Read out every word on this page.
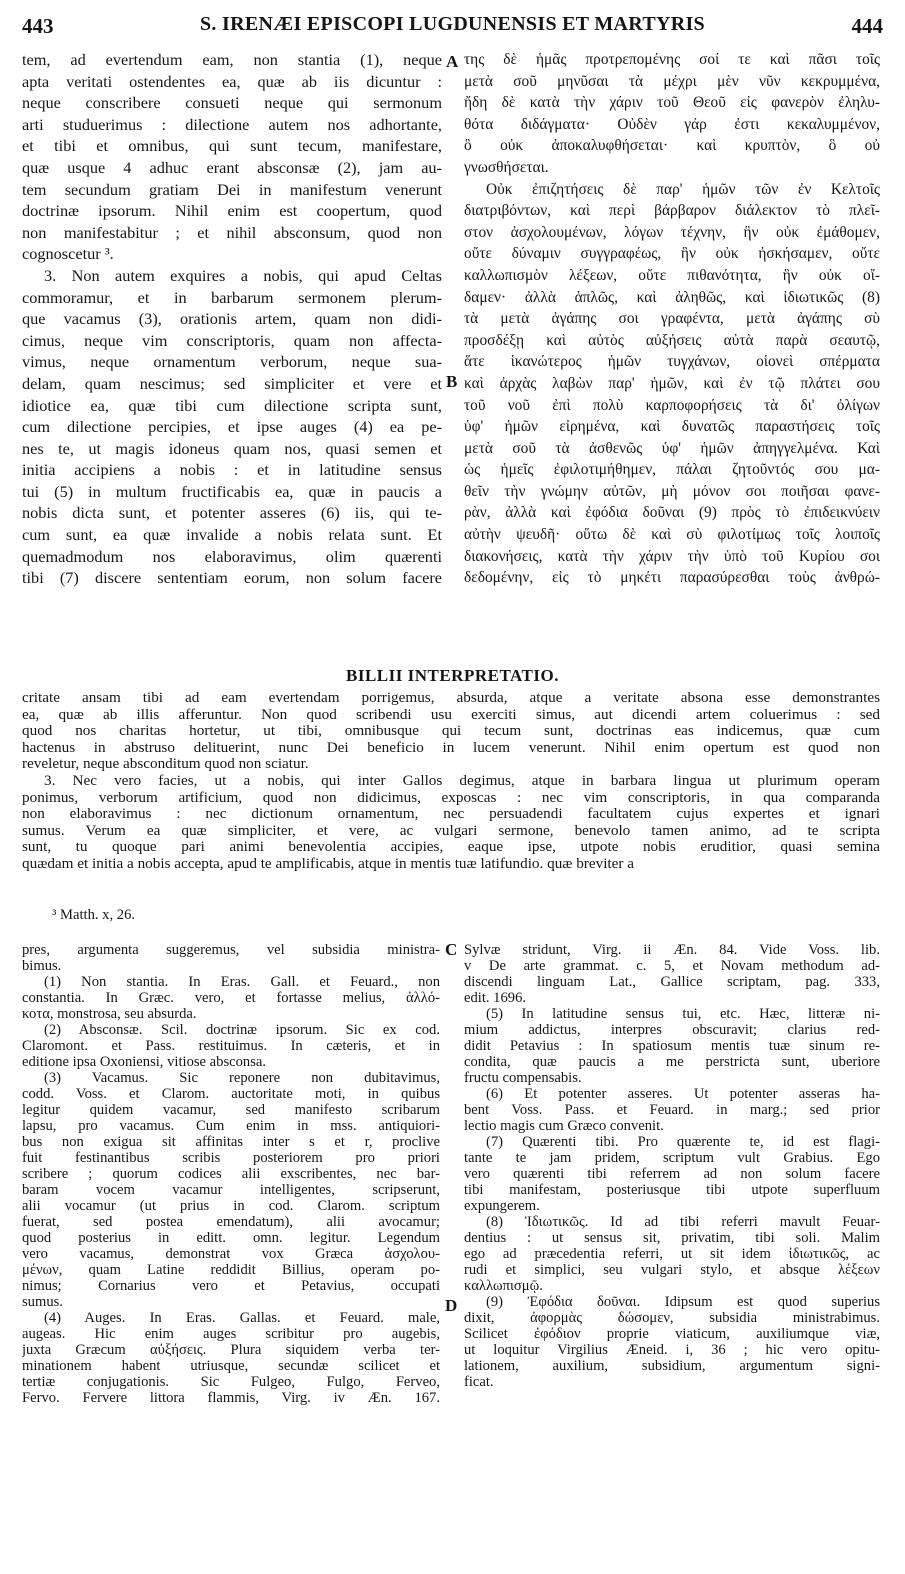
443	S. IRENÆI EPISCOPI LUGDUNENSIS ET MARTYRIS	444
tem, ad evertendum eam, non stantia (1), neque
apta veritati ostendentes ea, quæ ab iis dicuntur :
neque conscribere consueti neque qui sermonum
arti studuerimus : dilectione autem nos adhortante,
et tibi et omnibus, qui sunt tecum, manifestare,
quæ usque 4 adhuc erant absconsæ (2), jam au-
tem secundum gratiam Dei in manifestum venerunt
doctrinæ ipsorum. Nihil enim est coopertum, quod
non manifestabitur ; et nihil absconsum, quod non
cognoscetur ³.
3. Non autem exquires a nobis, qui apud Celtas
commoramur, et in barbarum sermonem plerum-
que vacamus (3), orationis artem, quam non didi-
cimus, neque vim conscriptoris, quam non affecta-
vimus, neque ornamentum verborum, neque sua-
delam, quam nescimus; sed simpliciter et vere et
idiotice ea, quæ tibi cum dilectione scripta sunt,
cum dilectione percipies, et ipse auges (4) ea pe-
nes te, ut magis idoneus quam nos, quasi semen et
initia accipiens a nobis : et in latitudine sensus
tui (5) in multum fructificabis ea, quæ in paucis a
nobis dicta sunt, et potenter asseres (6) iis, qui te-
cum sunt, ea quæ invalide a nobis relata sunt. Et
quemadmodum nos elaboravimus, olim quærenti
tibi (7) discere sententiam eorum, non solum facere
A
B
της δὲ ἡμᾶς προτρεπομένης σοί τε καὶ πᾶσι τοῖς
μετὰ σοῦ μηνῦσαι τὰ μέχρι μὲν νῦν κεκρυμμένα,
ἤδη δὲ κατὰ τὴν χάριν τοῦ Θεοῦ εἰς φανερὸν ἐληλυ-
θότα διδάγματα· Οὐδὲν γάρ ἐστι κεκαλυμμένον,
ὃ οὐκ ἀποκαλυφθήσεται· καὶ κρυπτὸν, ὃ οὐ
γνωσθήσεται.
Οὐκ ἐπιζητήσεις δὲ παρ' ἡμῶν τῶν ἐν Κελτοῖς
διατριβόντων, καὶ περὶ βάρβαρον διάλεκτον τὸ πλεῖ-
στον ἀσχολουμένων, λόγων τέχνην, ἣν οὐκ ἐμάθομεν,
οὔτε δύναμιν συγγραφέως, ἣν οὐκ ἠσκήσαμεν, οὔτε
καλλωπισμὸν λέξεων, οὔτε πιθανότητα, ἣν οὐκ οἴ-
δαμεν· ἀλλὰ ἁπλῶς, καὶ ἀληθῶς, καὶ ἰδιωτικῶς (8)
τὰ μετὰ ἀγάπης σοι γραφέντα, μετὰ ἀγάπης σὺ
προσδέξῃ καὶ αὐτὸς αὐξήσεις αὐτὰ παρὰ σεαυτῷ,
ἅτε ἱκανώτερος ἡμῶν τυγχάνων, οἱονεὶ σπέρματα
καὶ ἀρχὰς λαβὼν παρ' ἡμῶν, καὶ ἐν τῷ πλάτει σου
τοῦ νοῦ ἐπὶ πολὺ καρποφορήσεις τὰ δι' ὀλίγων
ὑφ' ἡμῶν εἰρημένα, καὶ δυνατῶς παραστήσεις τοῖς
μετὰ σοῦ τὰ ἀσθενῶς ὑφ' ἡμῶν ἀπηγγελμένα. Καὶ
ὡς ἡμεῖς ἐφιλοτιμήθημεν, πάλαι ζητοῦντός σου μα-
θεῖν τὴν γνώμην αὐτῶν, μὴ μόνον σοι ποιῆσαι φανε-
ρὰν, ἀλλὰ καὶ ἐφόδια δοῦναι (9) πρὸς τὸ ἐπιδεικνύειν
αὐτὴν ψευδῆ· οὕτω δὲ καὶ σὺ φιλοτίμως τοῖς λοιποῖς
διακονήσεις, κατὰ τὴν χάριν τὴν ὑπὸ τοῦ Κυρίου σοι
δεδομένην, εἰς τὸ μηκέτι παρασύρεσθαι τοὺς ἀνθρώ-
BILLII INTERPRETATIO.
critate ansam tibi ad eam evertendam porrigemus, absurda, atque a veritate absona esse demonstrantes
ea, quæ ab illis afferuntur. Non quod scribendi usu exerciti simus, aut dicendi artem coluerimus : sed
quod nos charitas hortetur, ut tibi, omnibusque qui tecum sunt, doctrinas eas indicemus, quæ cum
hactenus in abstruso delituerint, nunc Dei beneficio in lucem venerunt. Nihil enim opertum est quod non
reveletur, neque absconditum quod non sciatur.
3. Nec vero facies, ut a nobis, qui inter Gallos degimus, atque in barbara lingua ut plurimum operam
ponimus, verborum artificium, quod non didicimus, exposcas : nec vim conscriptoris, in qua comparanda
non elaboravimus : nec dictionum ornamentum, nec persuadendi facultatem cujus expertes et ignari
sumus. Verum ea quæ simpliciter, et vere, ac vulgari sermone, benevolo tamen animo, ad te scripta
sunt, tu quoque pari animi benevolentia accipies, eaque ipse, utpote nobis eruditior, quasi semina
quædam et initia a nobis accepta, apud te amplificabis, atque in mentis tuæ latifundio. quæ breviter a
³ Matth. x, 26.
pres, argumenta suggeremus, vel subsidia ministra-
bimus.
(1) Non stantia. In Eras. Gall. et Feuard., non
constantia. In Græc. vero, et fortasse melius, ἀλλό-
κοτα, monstrosa, seu absurda.
(2) Absconsæ. Scil. doctrinæ ipsorum. Sic ex cod.
Claromont. et Pass. restituimus. In cæteris, et in
editione ipsa Oxoniensi, vitiose absconsa.
(3) Vacamus. Sic reponere non dubitavimus,
codd. Voss. et Clarom. auctoritate moti, in quibus
legitur quidem vacamur, sed manifesto scribarum
lapsu, pro vacamus. Cum enim in mss. antiquiori-
bus non exigua sit affinitas inter s et r, proclive
fuit festinantibus scribis posteriorem pro priori
scribere ; quorum codices alii exscribentes, nec bar-
baram vocem vacamur intelligentes, scripserunt,
alii vocamur (ut prius in cod. Clarom. scriptum
fuerat, sed postea emendatum), alii avocamur;
quod posterius in editt. omn. legitur. Legendum
vero vacamus, demonstrat vox Græca ἀσχολου-
μένων, quam Latine reddidit Billius, operam po-
nimus; Cornarius vero et Petavius, occupati
sumus.
(4) Auges. In Eras. Gallas. et Feuard. male,
augeas. Hic enim auges scribitur pro augebis,
juxta Græcum αὐξήσεις. Plura siquidem verba ter-
minationem habent utriusque, secundæ scilicet et
tertiæ conjugationis. Sic Fulgeo, Fulgo, Ferveo,
Fervo. Fervere littora flammis, Virg. iv Æn. 167.
C
D
Sylvæ stridunt, Virg. ii Æn. 84. Vide Voss. lib.
v De arte grammat. c. 5, et Novam methodum ad-
discendi linguam Lat., Gallice scriptam, pag. 333,
edit. 1696.
(5) In latitudine sensus tui, etc. Hæc, litteræ ni-
mium addictus, interpres obscuravit; clarius red-
didit Petavius : In spatiosum mentis tuæ sinum re-
condita, quæ paucis a me perstricta sunt, uberiore
fructu compensabis.
(6) Et potenter asseres. Ut potenter asseras ha-
bent Voss. Pass. et Feuard. in marg.; sed prior
lectio magis cum Græco convenit.
(7) Quærenti tibi. Pro quærente te, id est flagi-
tante te jam pridem, scriptum vult Grabius. Ego
vero quærenti tibi referrem ad non solum facere
tibi manifestam, posteriusque tibi utpote superfluum
expungerem.
(8) Ἰδιωτικῶς. Id ad tibi referri mavult Feuar-
dentius : ut sensus sit, privatim, tibi soli. Malim
ego ad præcedentia referri, ut sit idem ἰδιωτικῶς, ac
rudi et simplici, seu vulgari stylo, et absque λέξεων
καλλωπισμῷ.
(9) Ἐφόδια δοῦναι. Idipsum est quod superius
dixit, ἀφορμὰς δώσομεν, subsidia ministrabimus.
Scilicet ἐφόδιον proprie viaticum, auxiliumque viæ,
ut loquitur Virgilius Æneid. i, 36 ; hic vero opitu-
lationem, auxilium, subsidium, argumentum signi-
ficat.
